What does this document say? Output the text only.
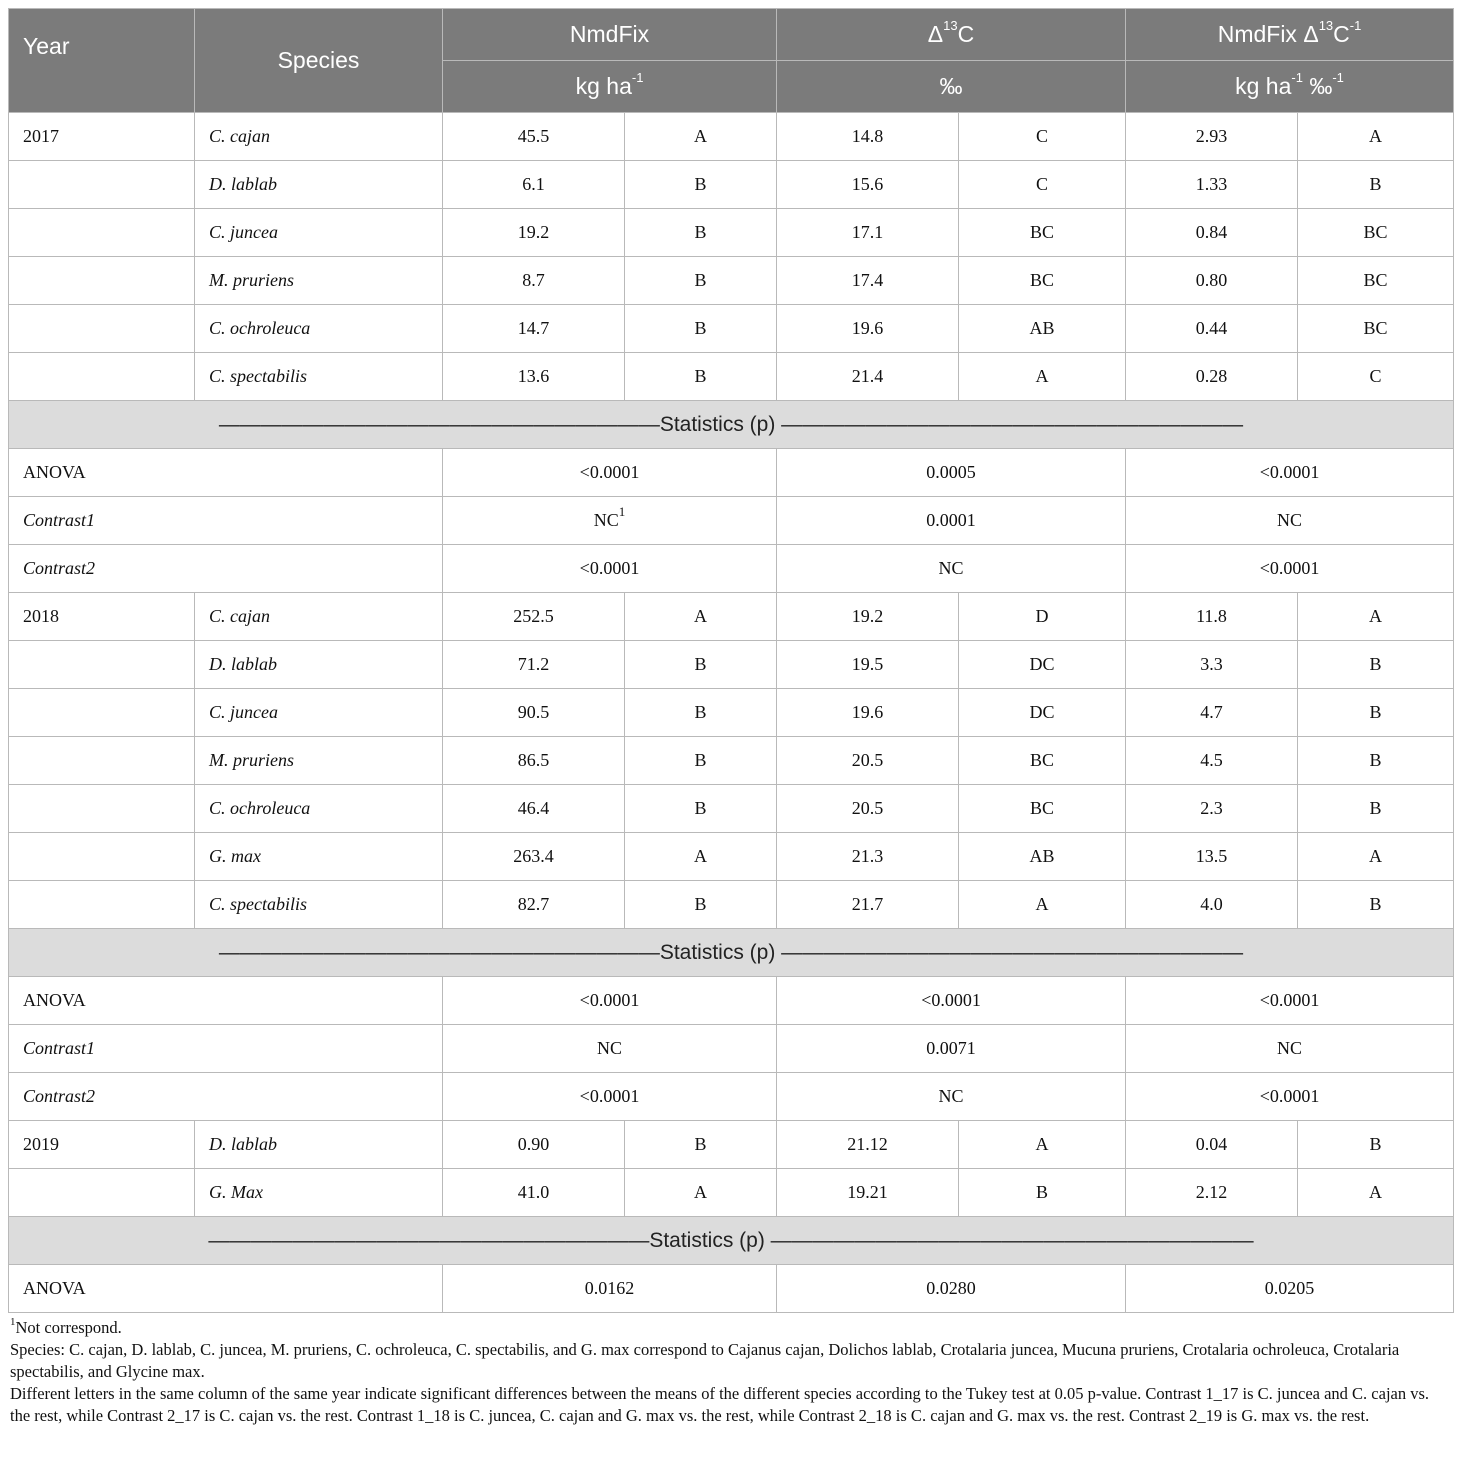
Year	Species	NmdFix		$\Delta^{13}C$		NmdFix $\Delta^{13}C^{-1}$
		kg $ha^{-1}$		‰		kg $ha^{-1}$ ‰$^{-1}$
2017	C. cajan	45.5	A	14.8	C	2.93	A
	D. lablab	6.1	B	15.6	C	1.33	B
	C. juncea	19.2	B	17.1	BC	0.84	BC
	M. pruriens	8.7	B	17.4	BC	0.80	BC
	C. ochroleuca	14.7	B	19.6	AB	0.44	BC
	C. spectabilis	13.6	B	21.4	A	0.28	C
—————————————————————Statistics (p) ——————————————————————							
ANOVA		<0.0001		0.0005		<0.0001	
Contrast1		$NC^1$		0.0001		NC	
Contrast2		<0.0001		NC		<0.0001	
2018	C. cajan	252.5	A	19.2	D	11.8	A
	D. lablab	71.2	B	19.5	DC	3.3	B
	C. juncea	90.5	B	19.6	DC	4.7	B
	M. pruriens	86.5	B	20.5	BC	4.5	B
	C. ochroleuca	46.4	B	20.5	BC	2.3	B
	G. max	263.4	A	21.3	AB	13.5	A
	C. spectabilis	82.7	B	21.7	A	4.0	B
—————————————————————Statistics (p) ——————————————————————							
ANOVA		<0.0001		<0.0001		<0.0001	
Contrast1		NC		0.0071		NC	
Contrast2		<0.0001		NC		<0.0001	
2019	D. lablab	0.90	B	21.12	A	0.04	B
	G. Max	41.0	A	19.21	B	2.12	A
—————————————————————Statistics (p) ———————————————————————							
ANOVA		0.0162		0.0280		0.0205	

$^1$Not correspond.

Species: C. cajan, D. lablab, C. juncea, M. pruriens, C. ochroleuca, C. spectabilis, and G. max correspond to Cajanus cajan, Dolichos lablab, Crotalaria juncea, Mucuna pruriens, Crotalaria ochroleuca, Crotalaria spectabilis, and Glycine max.

Different letters in the same column of the same year indicate significant differences between the means of the different species according to the Tukey test at 0.05 p-value. Contrast 1_17 is C. juncea and C. cajan vs. the rest, while Contrast 2_17 is C. cajan vs. the rest. Contrast 1_18 is C. juncea, C. cajan and G. max vs. the rest, while Contrast 2_18 is C. cajan and G. max vs. the rest. Contrast 2_19 is G. max vs. the rest.
